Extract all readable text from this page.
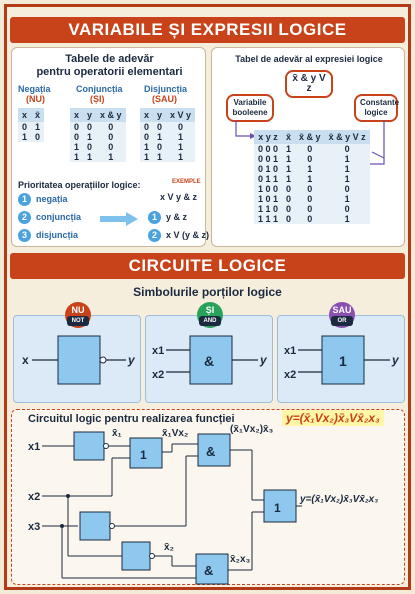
VARIABILE ȘI EXPRESII LOGICE
Tabele de adevăr
pentru operatorii elementari
Negația
(NU)
Conjuncția
(ȘI)
Disjuncția
(SAU)
x	x̄
0	1
1	0
x	y	x & y
0	0	0
0	1	0
1	0	0
1	1	1
x	y	x V y
0	0	0
0	1	1
1	0	1
1	1	1
Prioritatea operațiilor logice:	EXEMPLE
x V y & z
1	negația
2	conjuncția
3	disjuncția
1	y & z
2	x V (y & z)
Tabel de adevăr al expresiei logice
x̄ & y V z
Variabile booleene
Constante logice
x y z	x̄	x̄ & y	x̄ & y V z
0 0 0	1	0	0
0 0 1	1	0	1
0 1 0	1	1	1
0 1 1	1	1	1
1 0 0	0	0	0
1 0 1	0	0	1
1 1 0	0	0	0
1 1 1	0	0	1
CIRCUITE LOGICE
Simbolurile porților logice
NU
NOT
x	y
ȘI
AND
&
x1
x2
y
SAU
OR
1
x1
x2
y
Circuitul logic pentru realizarea funcției	y=(x̄₁Vx₂)x̄₃Vx̄₂x₃
1	&
&
1
x1
x2
x3
x̄₁	x̄₁Vx₂	(x̄₁Vx₂)x̄₃
x̄₂
x̄₂x₃
y=(x̄₁Vx₂)x̄₃Vx̄₂x₃
